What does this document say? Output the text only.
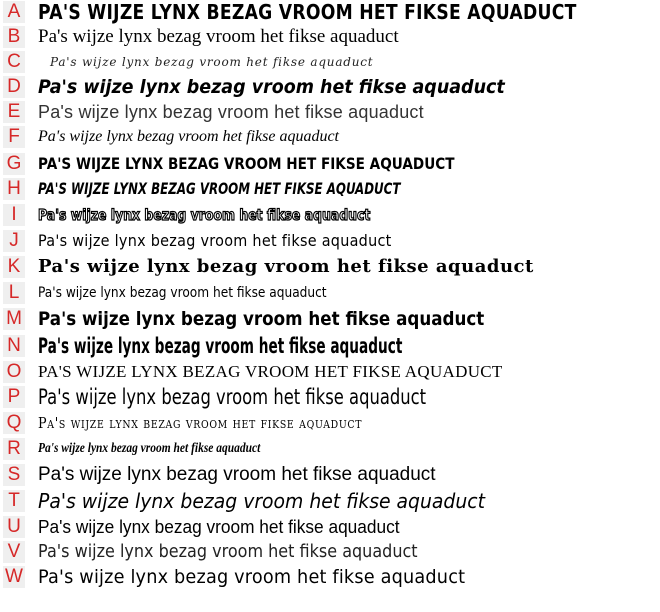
A PA'S WIJZE LYNX BEZAG VROOM HET FIKSE AQUADUCT
B Pa's wijze lynx bezag vroom het fikse aquaduct
C	Pa's wijze lynx bezag vroom het fikse aquaduct
D Pa's wijze lynx bezag vroom het fikse aquaduct
E Pa's wijze lynx bezag vroom het fikse aquaduct
F	Pa's wijze lynx bezag vroom het fikse aquaduct
G PA'S WIJZE LYNX BEZAG VROOM HET FIKSE AQUADUCT
H PA'S WIJZE LYNX BEZAG VROOM HET FIKSE AQUADUCT
I	Pa's wijze lynx bezag vroom het fikse aquaduct
J	Pa's wijze lynx bezag vroom het fikse aquaduct
K Pa's wijze lynx bezag vroom het fikse aquaduct
L	Pa's wijze lynx bezag vroom het fikse aquaduct
M Pa's wijze lynx bezag vroom het fikse aquaduct
N Pa's wijze lynx bezag vroom het fikse aquaduct
O PA'S WIJZE LYNX BEZAG VROOM HET FIKSE AQUADUCT
P Pa's wijze lynx bezag vroom het fikse aquaduct
Q Pa's wijze lynx bezag vroom het fikse aquaduct
R Pa's wijze lynx bezag vroom het fikse aquaduct
S Pa's wijze lynx bezag vroom het fikse aquaduct
T Pa's wijze lynx bezag vroom het fikse aquaduct
U Pa's wijze lynx bezag vroom het fikse aquaduct
V Pa's wijze lynx bezag vroom het fikse aquaduct
W Pa's wijze lynx bezag vroom het fikse aquaduct
